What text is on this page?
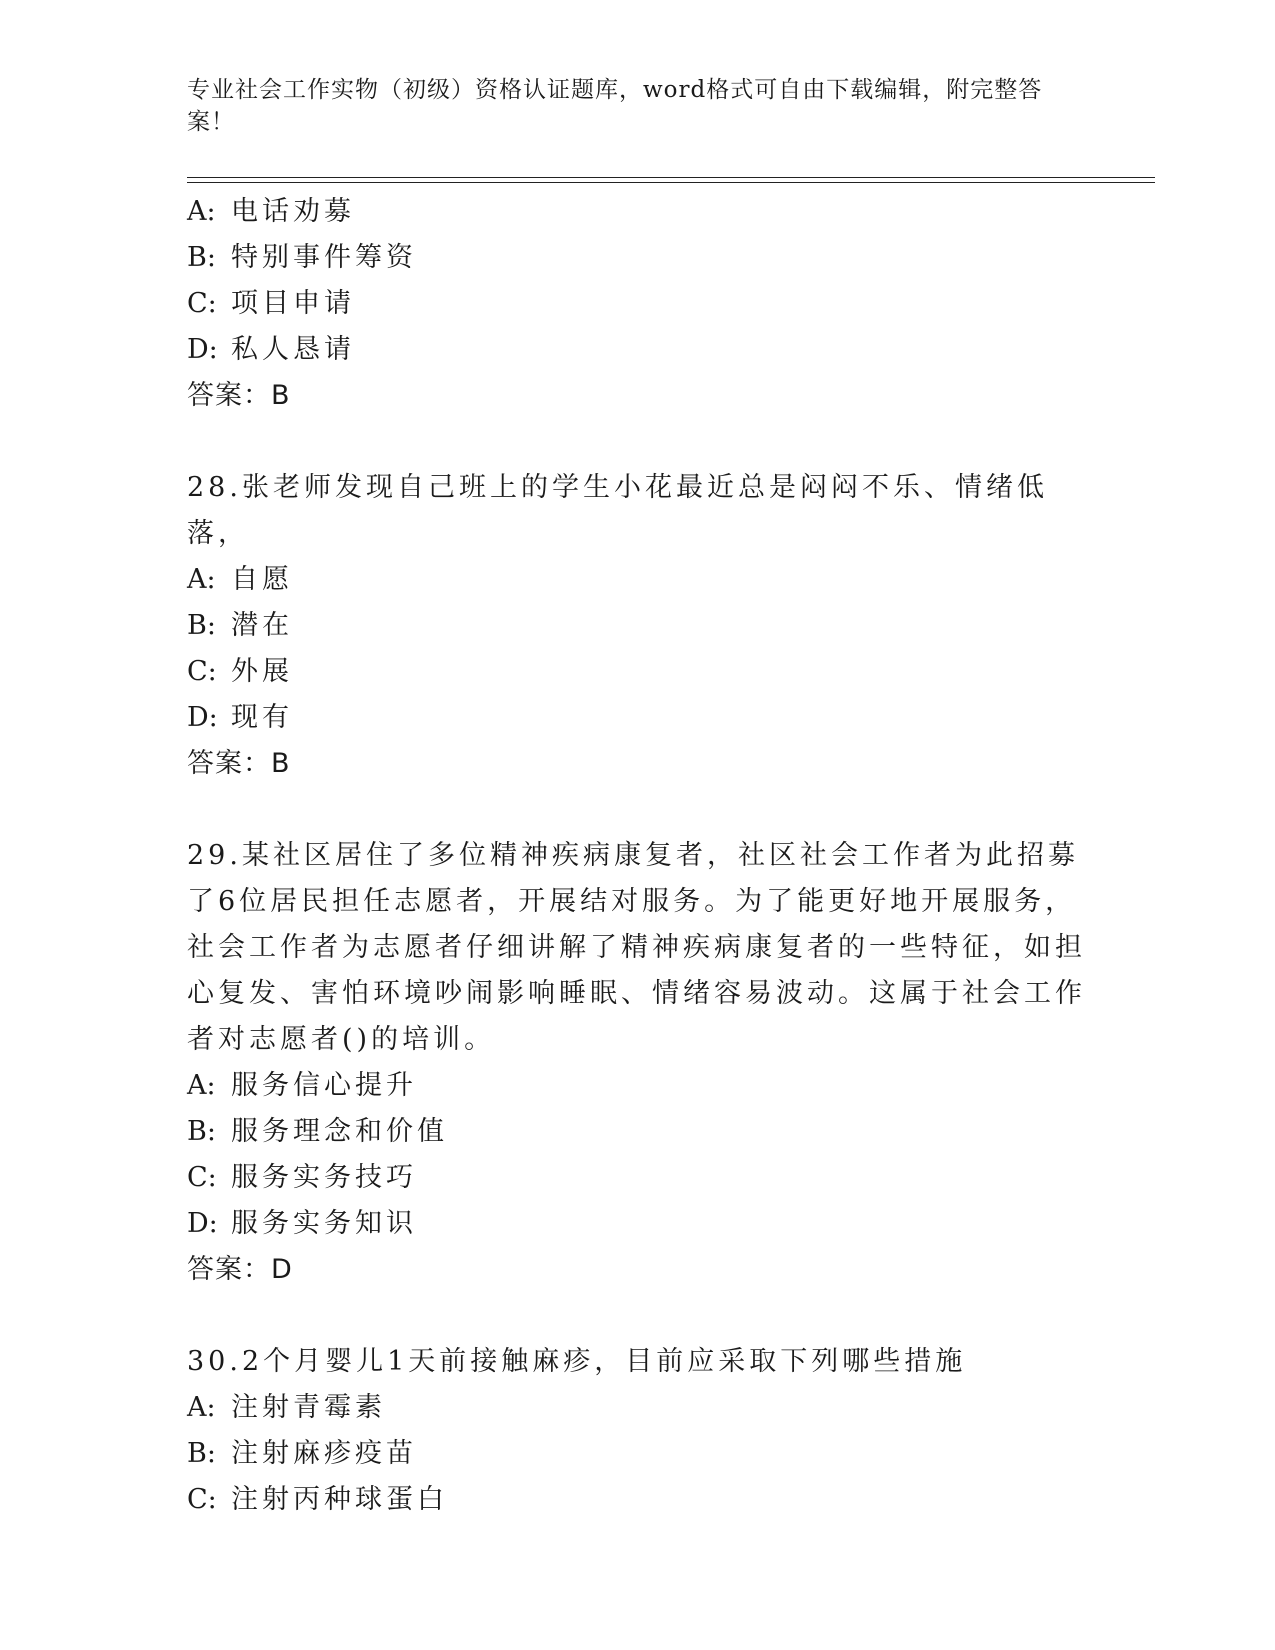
专业社会工作实物（初级）资格认证题库，word格式可自由下载编辑，附完整答案！
A: 电话劝募
B: 特别事件筹资
C: 项目申请
D: 私人恳请
答案：B
28.张老师发现自己班上的学生小花最近总是闷闷不乐、情绪低落，
A: 自愿
B: 潜在
C: 外展
D: 现有
答案：B
29.某社区居住了多位精神疾病康复者，社区社会工作者为此招募了6位居民担任志愿者，开展结对服务。为了能更好地开展服务，社会工作者为志愿者仔细讲解了精神疾病康复者的一些特征，如担心复发、害怕环境吵闹影响睡眠、情绪容易波动。这属于社会工作者对志愿者()的培训。
A: 服务信心提升
B: 服务理念和价值
C: 服务实务技巧
D: 服务实务知识
答案：D
30.2个月婴儿1天前接触麻疹，目前应采取下列哪些措施
A: 注射青霉素
B: 注射麻疹疫苗
C: 注射丙种球蛋白
